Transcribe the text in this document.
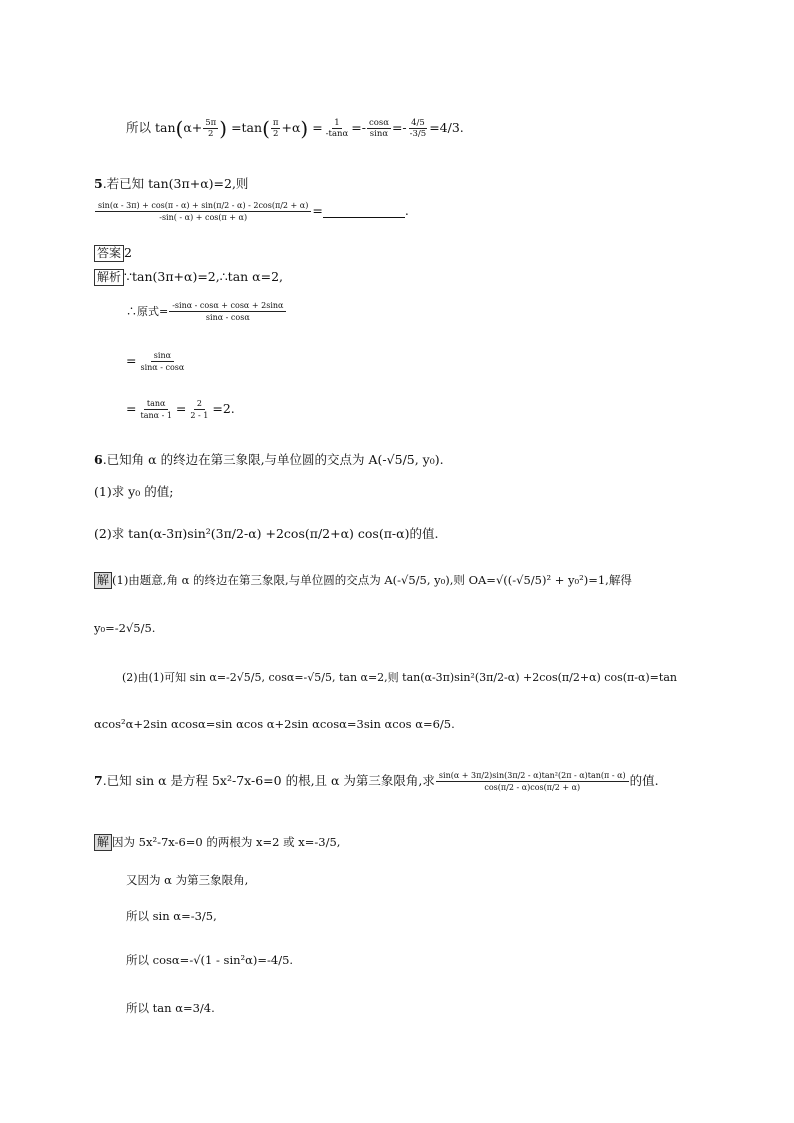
所以 $\tan(\alpha+ \frac{5\pi}{2}$ ) $=\tan( \frac{\pi}{2} +\alpha) = \frac{1}{-\tan\alpha} =- \frac{\cos\alpha}{\sin\alpha} =- \frac{4/5}{-3/5} =4/3$.
5.若已知 tan(3π+α)=2,则
$\frac{\sin(\alpha - 3\pi) + \cos(\pi - \alpha) + \sin(\pi/2 - \alpha) - 2\cos(\pi/2 + \alpha)}{-\sin( - \alpha) + \cos(\pi + \alpha)}$ =	.
答案 2
解析 ∵tan(3π+α)=2,∴tan α=2,
∴原式= $\frac{-\sin\alpha - \cos\alpha + \cos\alpha + 2\sin\alpha}{\sin\alpha - \cos\alpha}$
= $\frac{\sin\alpha}{\sin\alpha - \cos\alpha}$
= $\frac{\tan\alpha}{\tan\alpha - 1} = \frac{2}{2 - 1} =2$.
6.已知角 α 的终边在第三象限,与单位圆的交点为 A(-√5/5, y₀).
(1)求 y₀ 的值;
(2)求 tan(α-3π)sin²(3π/2-α) +2cos(π/2+α) cos(π-α)的值.
解 (1)由题意,角 α 的终边在第三象限,与单位圆的交点为 A(-√5/5, y₀),则 OA=√((-√5/5)² + y₀²)=1,解得
y₀=-2√5/5.
(2)由(1)可知 sin α=-2√5/5, cosα=-√5/5, tan α=2,则 tan(α-3π)sin²(3π/2-α) +2cos(π/2+α) cos(π-α)=tan
αcos²α+2sin αcosα=sin αcos α+2sin αcosα=3sin αcos α=6/5.
7.已知 sin α 是方程 5x²-7x-6=0 的根,且 α 为第三象限角,求 $\frac{\text{sin(α + 3π/2)sin(3π/2 - α)tan²(2π - α)tan(π - α)}}{\cos(\pi/2 - \alpha)\cos(\pi/2 + \alpha)}$ 的值.
解 因为 5x²-7x-6=0 的两根为 x=2 或 x=-3/5,
又因为 α 为第三象限角,
所以 sin α=-3/5,
所以 cosα=-√(1 - sin²α)=-4/5.
所以 tan α=3/4.
